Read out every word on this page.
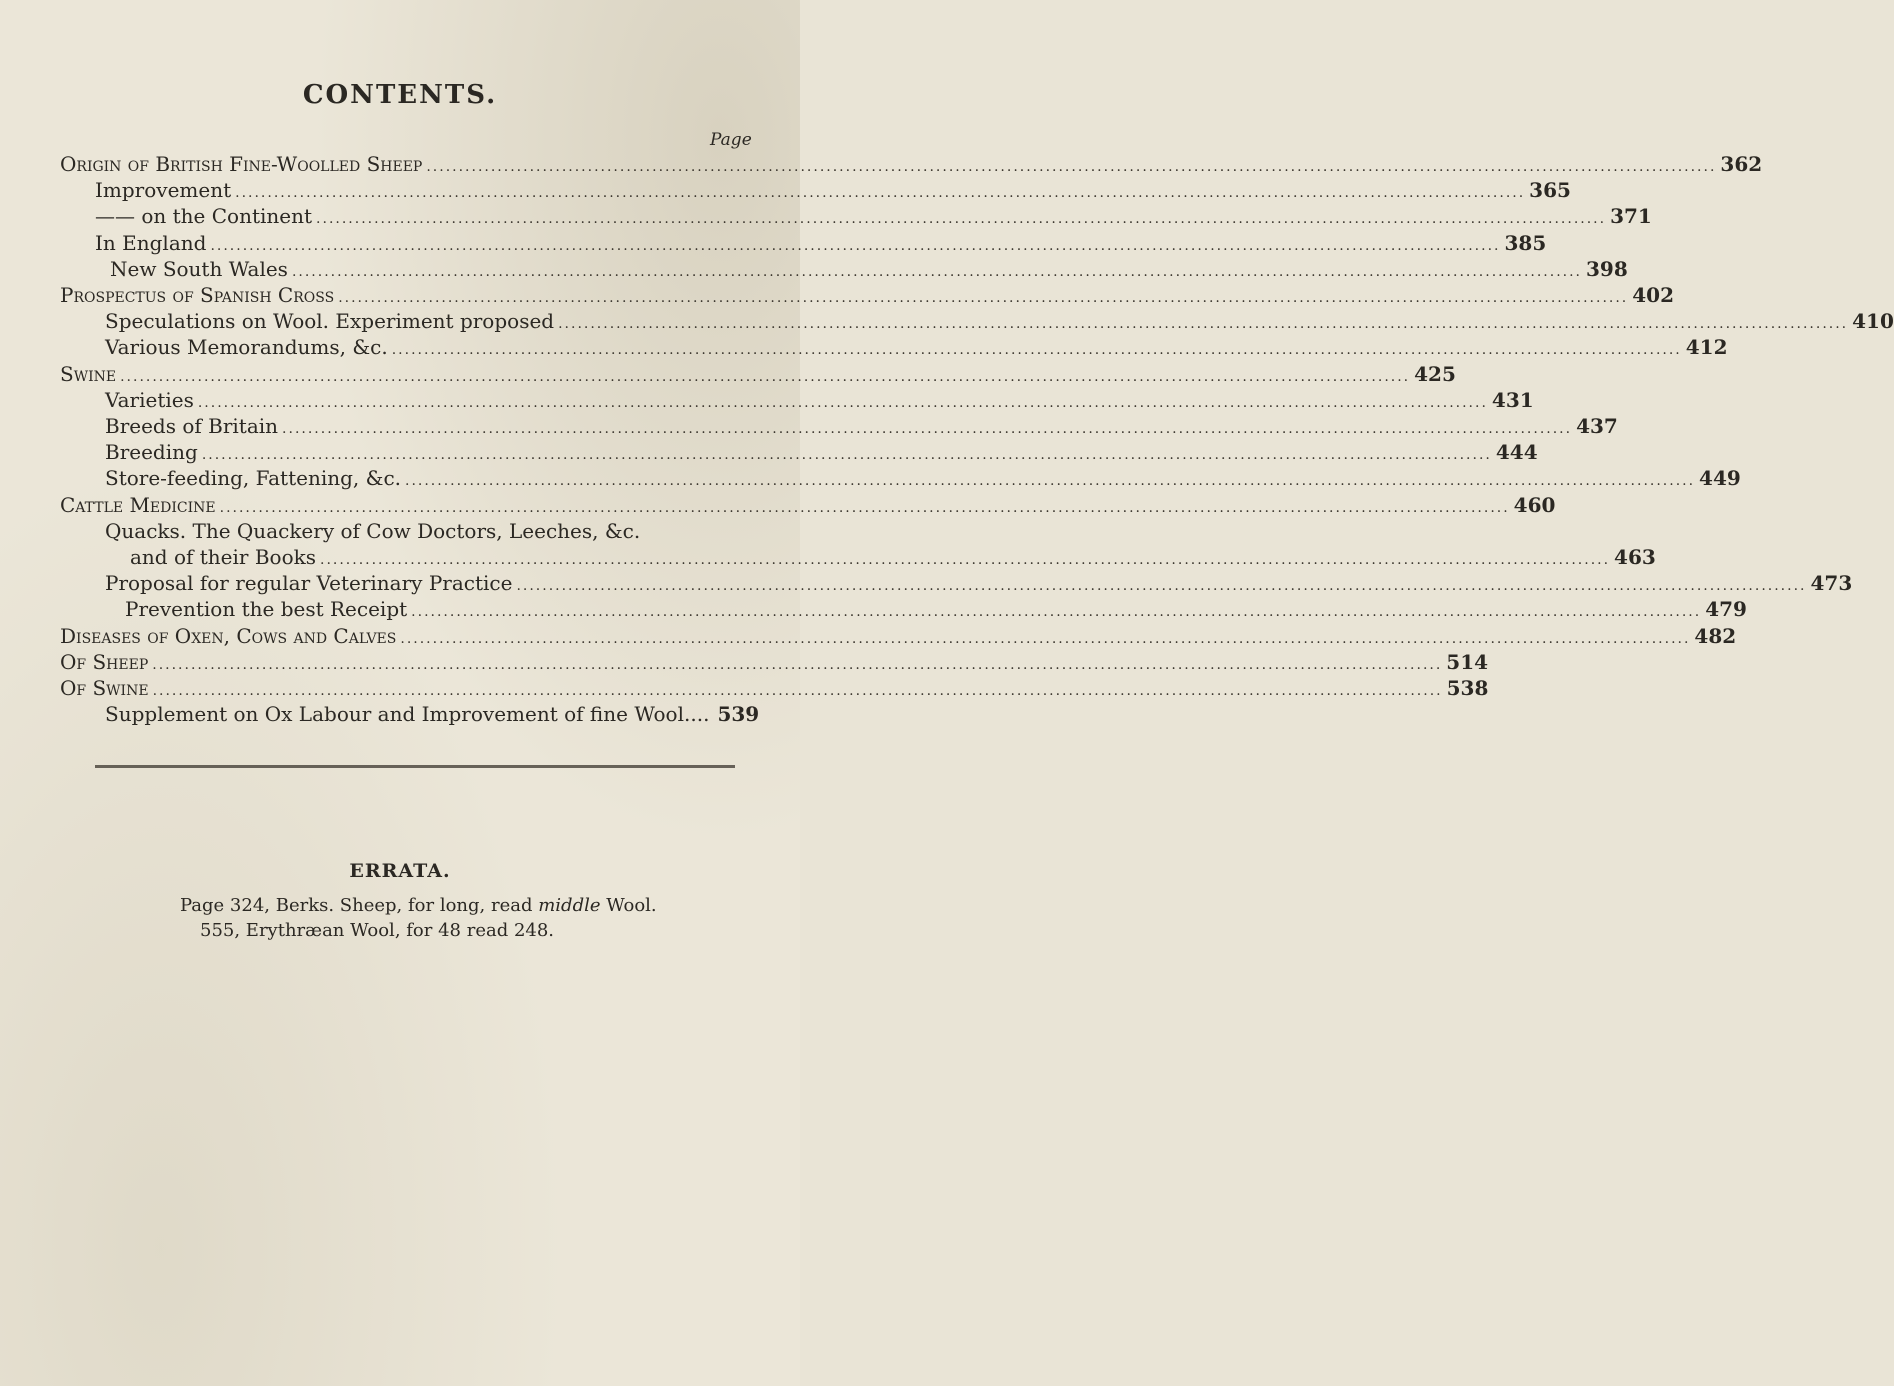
CONTENTS.
Page
Origin of British Fine-Woolled Sheep ........................................................................................................................................................................................................ 362
Improvement ........................................................................................................................................................................................................ 365
—— on the Continent ........................................................................................................................................................................................................ 371
In England ........................................................................................................................................................................................................ 385
New South Wales ........................................................................................................................................................................................................ 398
Prospectus of Spanish Cross ........................................................................................................................................................................................................ 402
Speculations on Wool. Experiment proposed ........................................................................................................................................................................................................ 410
Various Memorandums, &c. ........................................................................................................................................................................................................ 412
Swine ........................................................................................................................................................................................................ 425
Varieties ........................................................................................................................................................................................................ 431
Breeds of Britain ........................................................................................................................................................................................................ 437
Breeding ........................................................................................................................................................................................................ 444
Store-feeding, Fattening, &c. ........................................................................................................................................................................................................ 449
Cattle Medicine ........................................................................................................................................................................................................ 460
Quacks. The Quackery of Cow Doctors, Leeches, &c.
and of their Books ........................................................................................................................................................................................................ 463
Proposal for regular Veterinary Practice ........................................................................................................................................................................................................ 473
Prevention the best Receipt ........................................................................................................................................................................................................ 479
Diseases of Oxen, Cows and Calves ........................................................................................................................................................................................................ 482
Of Sheep ........................................................................................................................................................................................................ 514
Of Swine ........................................................................................................................................................................................................ 538
Supplement on Ox Labour and Improvement of fine Wool.... 539
ERRATA.
Page 324, Berks. Sheep, for long, read middle Wool.
555, Erythræan Wool, for 48 read 248.
